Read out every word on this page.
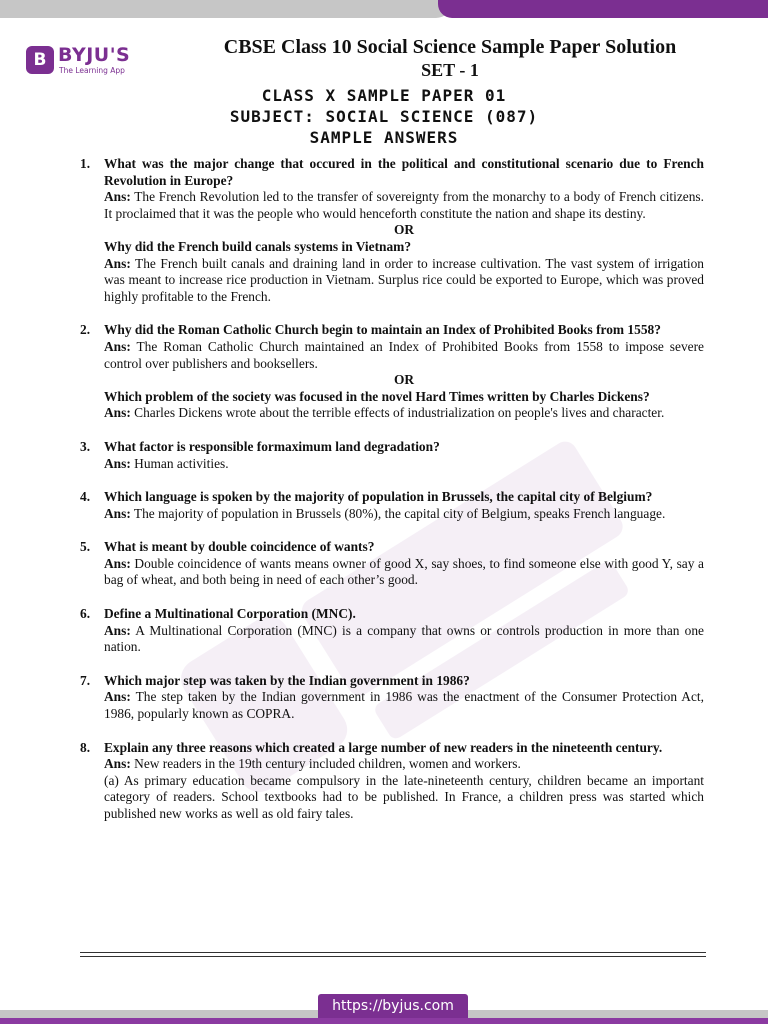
B BYJU'S
The Learning App
CBSE Class 10 Social Science Sample Paper Solution
SET - 1
CLASS X SAMPLE PAPER 01
SUBJECT: SOCIAL SCIENCE (087)
SAMPLE ANSWERS
1. What was the major change that occured in the political and constitutional scenario due to French Revolution in Europe?
Ans: The French Revolution led to the transfer of sovereignty from the monarchy to a body of French citizens. It proclaimed that it was the people who would henceforth constitute the nation and shape its destiny.
OR
Why did the French build canals systems in Vietnam?
Ans: The French built canals and draining land in order to increase cultivation. The vast system of irrigation was meant to increase rice production in Vietnam. Surplus rice could be exported to Europe, which was proved highly profitable to the French.
2. Why did the Roman Catholic Church begin to maintain an Index of Prohibited Books from 1558?
Ans: The Roman Catholic Church maintained an Index of Prohibited Books from 1558 to impose severe control over publishers and booksellers.
OR
Which problem of the society was focused in the novel Hard Times written by Charles Dickens?
Ans: Charles Dickens wrote about the terrible effects of industrialization on people's lives and character.
3. What factor is responsible formaximum land degradation?
Ans: Human activities.
4. Which language is spoken by the majority of population in Brussels, the capital city of Belgium?
Ans: The majority of population in Brussels (80%), the capital city of Belgium, speaks French language.
5. What is meant by double coincidence of wants?
Ans: Double coincidence of wants means owner of good X, say shoes, to find someone else with good Y, say a bag of wheat, and both being in need of each other’s good.
6. Define a Multinational Corporation (MNC).
Ans: A Multinational Corporation (MNC) is a company that owns or controls production in more than one nation.
7. Which major step was taken by the Indian government in 1986?
Ans: The step taken by the Indian government in 1986 was the enactment of the Consumer Protection Act, 1986, popularly known as COPRA.
8. Explain any three reasons which created a large number of new readers in the nineteenth century.
Ans: New readers in the 19th century included children, women and workers.
(a) As primary education became compulsory in the late-nineteenth century, children became an important category of readers. School textbooks had to be published. In France, a children press was started which published new works as well as old fairy tales.
https://byjus.com
